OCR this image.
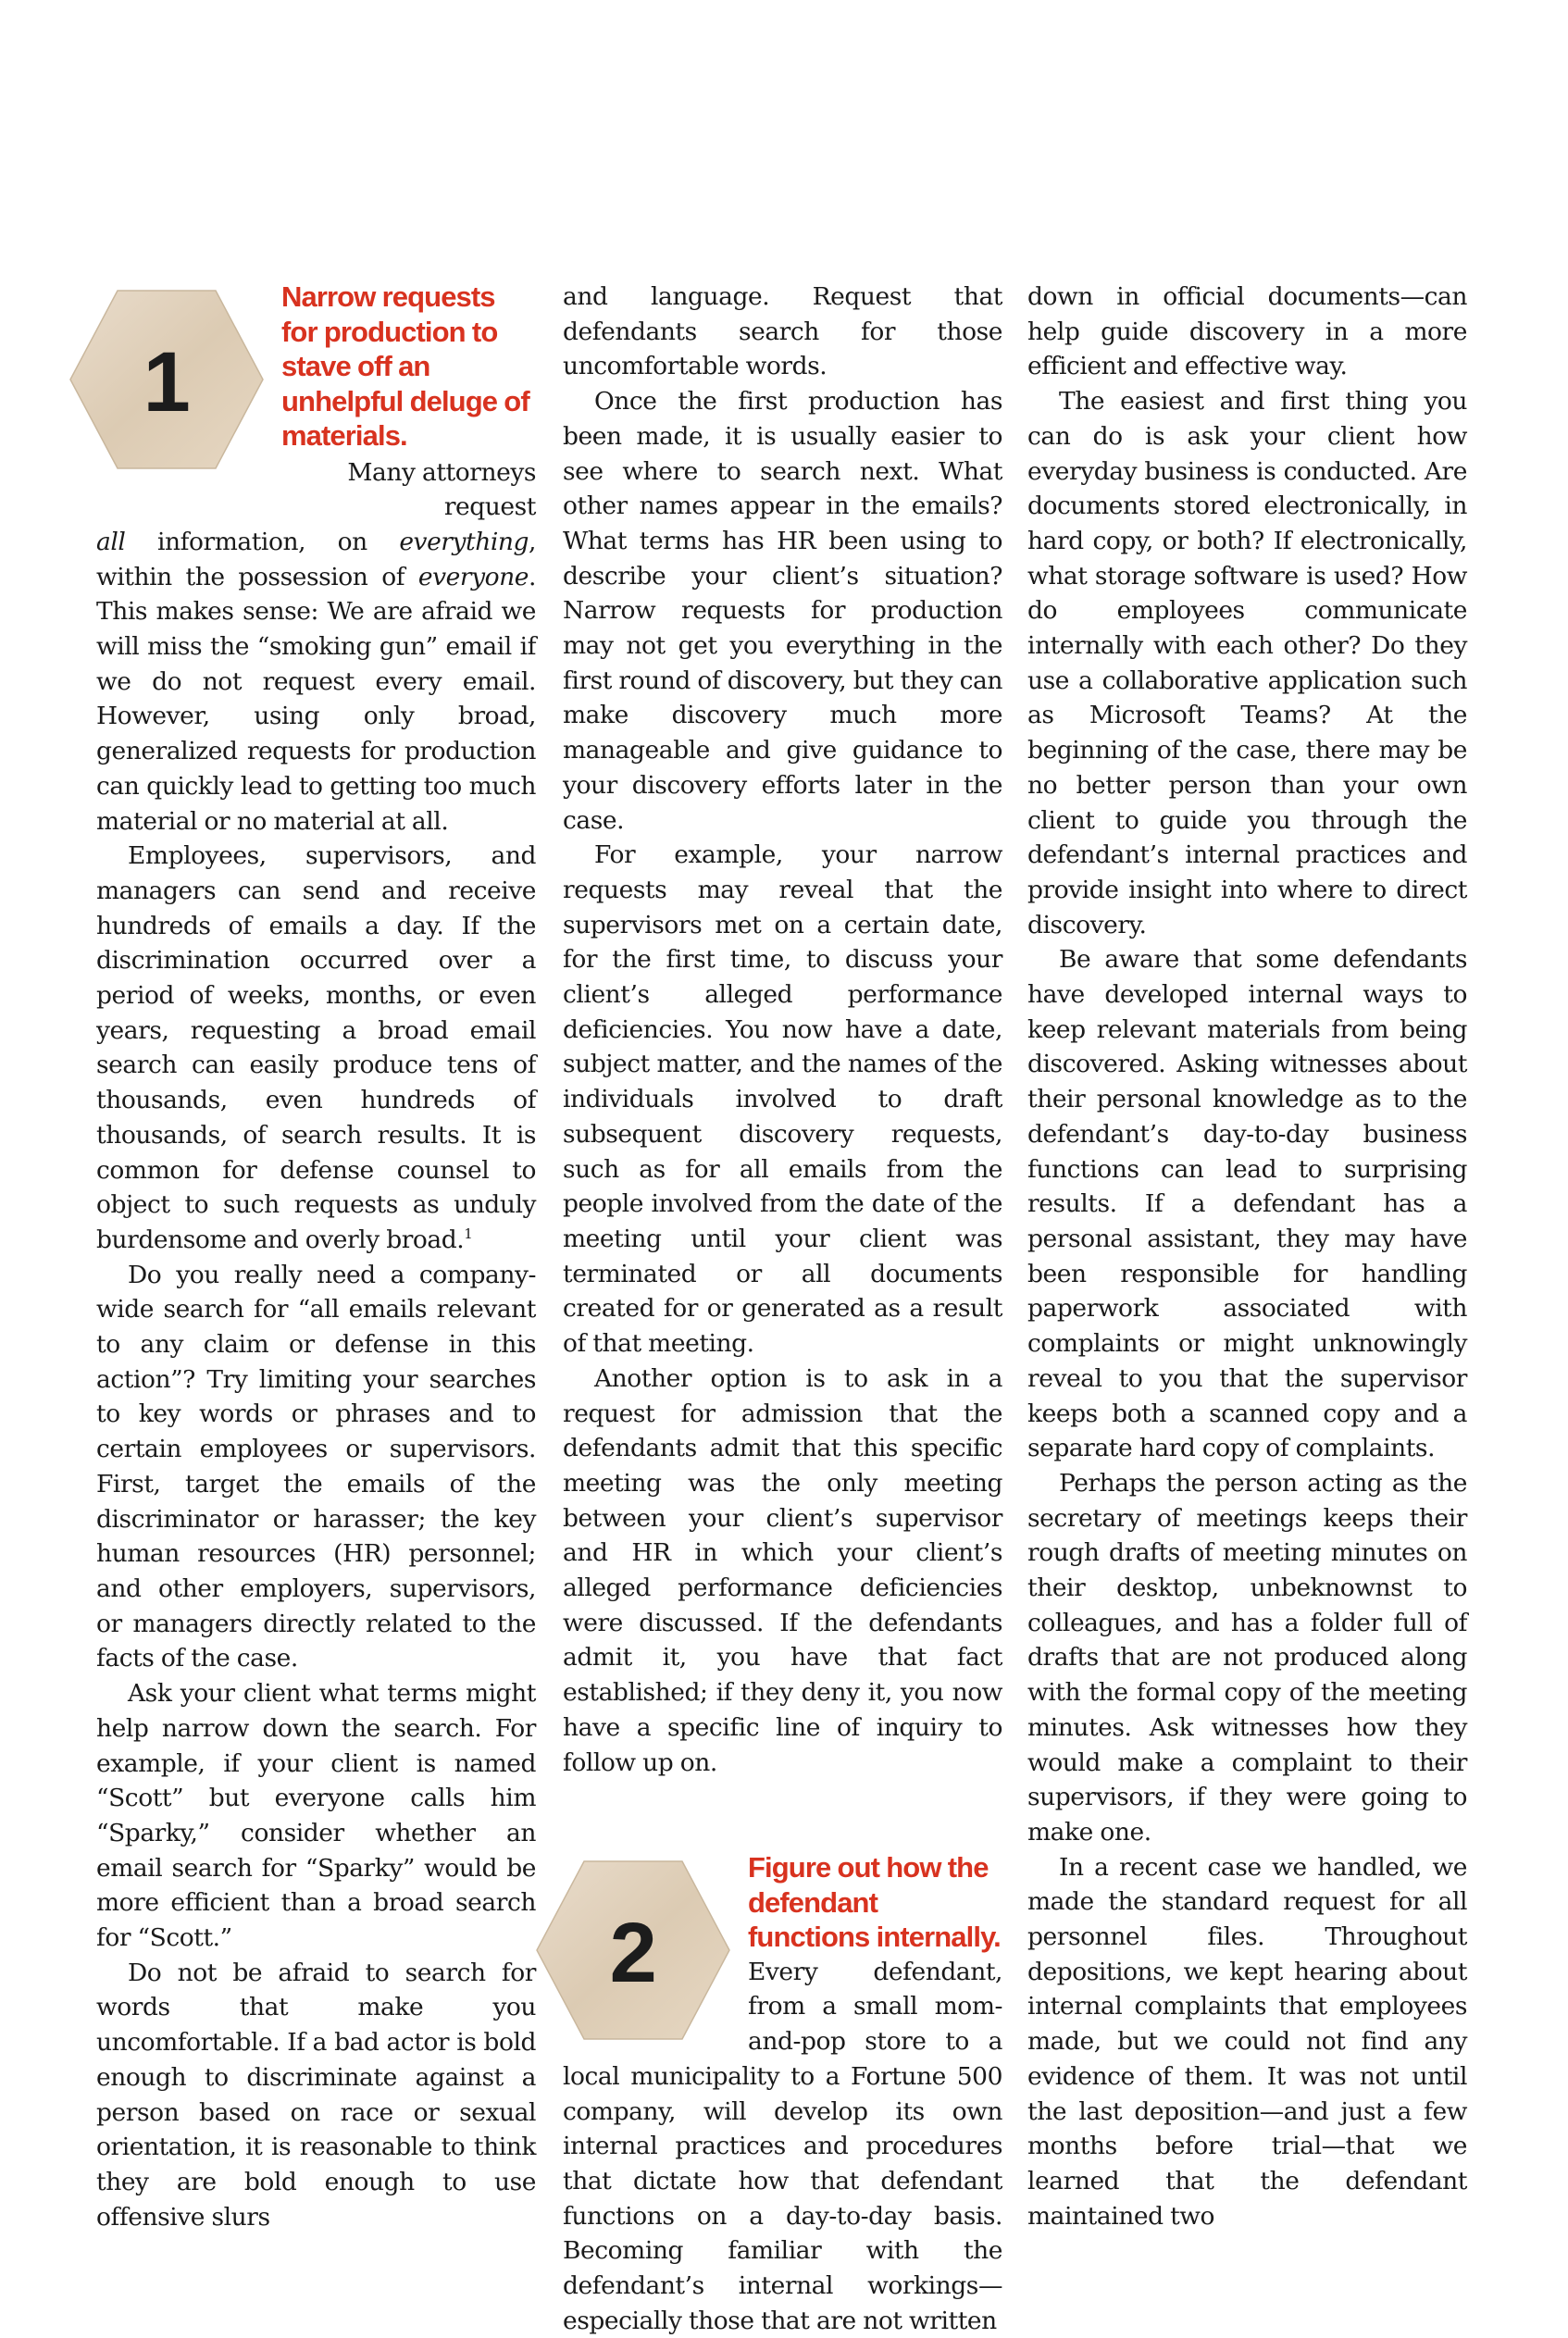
1
Narrow requests for production to stave off an unhelpful deluge of materials.

Many attorneys request

all information, on everything, within the possession of everyone. This makes sense: We are afraid we will miss the “smoking gun” email if we do not request every email. However, using only broad, generalized requests for production can quickly lead to getting too much material or no material at all.

Employees, supervisors, and managers can send and receive hundreds of emails a day. If the discrimination occurred over a period of weeks, months, or even years, requesting a broad email search can easily produce tens of thousands, even hundreds of thousands, of search results. It is common for defense counsel to object to such requests as unduly burdensome and overly broad.$^1$

Do you really need a company-wide search for “all emails relevant to any claim or defense in this action”? Try limiting your searches to key words or phrases and to certain employees or supervisors. First, target the emails of the discriminator or harasser; the key human resources (HR) personnel; and other employers, supervisors, or managers directly related to the facts of the case.

Ask your client what terms might help narrow down the search. For example, if your client is named “Scott” but everyone calls him “Sparky,” consider whether an email search for “Sparky” would be more efficient than a broad search for “Scott.”

Do not be afraid to search for words that make you uncomfortable. If a bad actor is bold enough to discriminate against a person based on race or sexual orientation, it is reasonable to think they are bold enough to use offensive slurs

and language. Request that defendants search for those uncomfortable words.

Once the first production has been made, it is usually easier to see where to search next. What other names appear in the emails? What terms has HR been using to describe your client’s situation? Narrow requests for production may not get you everything in the first round of discovery, but they can make discovery much more manageable and give guidance to your discovery efforts later in the case.

For example, your narrow requests may reveal that the supervisors met on a certain date, for the first time, to discuss your client’s alleged performance deficiencies. You now have a date, subject matter, and the names of the individuals involved to draft subsequent discovery requests, such as for all emails from the people involved from the date of the meeting until your client was terminated or all documents created for or generated as a result of that meeting.

Another option is to ask in a request for admission that the defendants admit that this specific meeting was the only meeting between your client’s supervisor and HR in which your client’s alleged performance deficiencies were discussed. If the defendants admit it, you have that fact established; if they deny it, you now have a specific line of inquiry to follow up on.

2
Figure out how the defendant functions internally.

Every defendant, from a small mom-and-pop store to a local municipality to a Fortune 500 company, will develop its own internal practices and procedures that dictate how that defendant functions on a day-to-day basis. Becoming familiar with the defendant’s internal workings—especially those that are not written

down in official documents—can help guide discovery in a more efficient and effective way.

The easiest and first thing you can do is ask your client how everyday business is conducted. Are documents stored electronically, in hard copy, or both? If electronically, what storage software is used? How do employees communicate internally with each other? Do they use a collaborative application such as Microsoft Teams? At the beginning of the case, there may be no better person than your own client to guide you through the defendant’s internal practices and provide insight into where to direct discovery.

Be aware that some defendants have developed internal ways to keep relevant materials from being discovered. Asking witnesses about their personal knowledge as to the defendant’s day-to-day business functions can lead to surprising results. If a defendant has a personal assistant, they may have been responsible for handling paperwork associated with complaints or might unknowingly reveal to you that the supervisor keeps both a scanned copy and a separate hard copy of complaints.

Perhaps the person acting as the secretary of meetings keeps their rough drafts of meeting minutes on their desktop, unbeknownst to colleagues, and has a folder full of drafts that are not produced along with the formal copy of the meeting minutes. Ask witnesses how they would make a complaint to their supervisors, if they were going to make one.

In a recent case we handled, we made the standard request for all personnel files. Throughout depositions, we kept hearing about internal complaints that employees made, but we could not find any evidence of them. It was not until the last deposition—and just a few months before trial—that we learned that the defendant maintained two
